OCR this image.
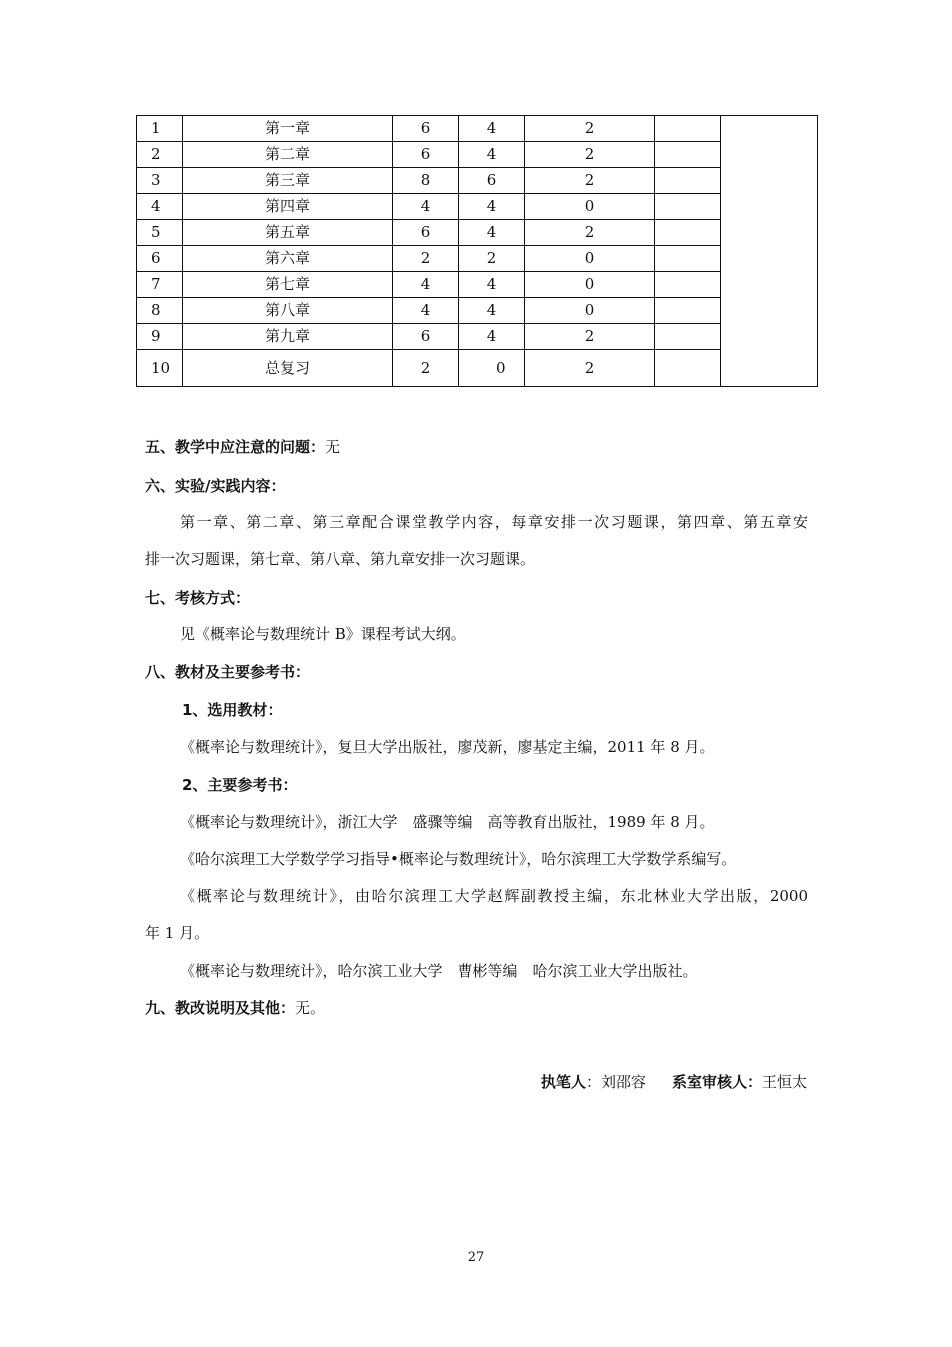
1	第一章	6	4	2		
2	第二章	6	4	2		
3	第三章	8	6	2		
4	第四章	4	4	0		
5	第五章	6	4	2		
6	第六章	2	2	0		
7	第七章	4	4	0		
8	第八章	4	4	0		
9	第九章	6	4	2		
10	总复习	2	0	2		
五、教学中应注意的问题：无
六、实验/实践内容：
第一章、第二章、第三章配合课堂教学内容，每章安排一次习题课，第四章、第五章安
排一次习题课，第七章、第八章、第九章安排一次习题课。
七、考核方式：
见《概率论与数理统计 B》课程考试大纲。
八、教材及主要参考书：
1、选用教材：
《概率论与数理统计》，复旦大学出版社，廖茂新，廖基定主编，2011 年 8 月。
2、主要参考书：
《概率论与数理统计》，浙江大学　盛骤等编　高等教育出版社，1989 年 8 月。
《哈尔滨理工大学数学学习指导•概率论与数理统计》，哈尔滨理工大学数学系编写。
《概率论与数理统计》，由哈尔滨理工大学赵辉副教授主编，东北林业大学出版，2000
年 1 月。
《概率论与数理统计》，哈尔滨工业大学　曹彬等编　哈尔滨工业大学出版社。
九、教改说明及其他：无。
执笔人：刘邵容 系室审核人：王恒太
27
